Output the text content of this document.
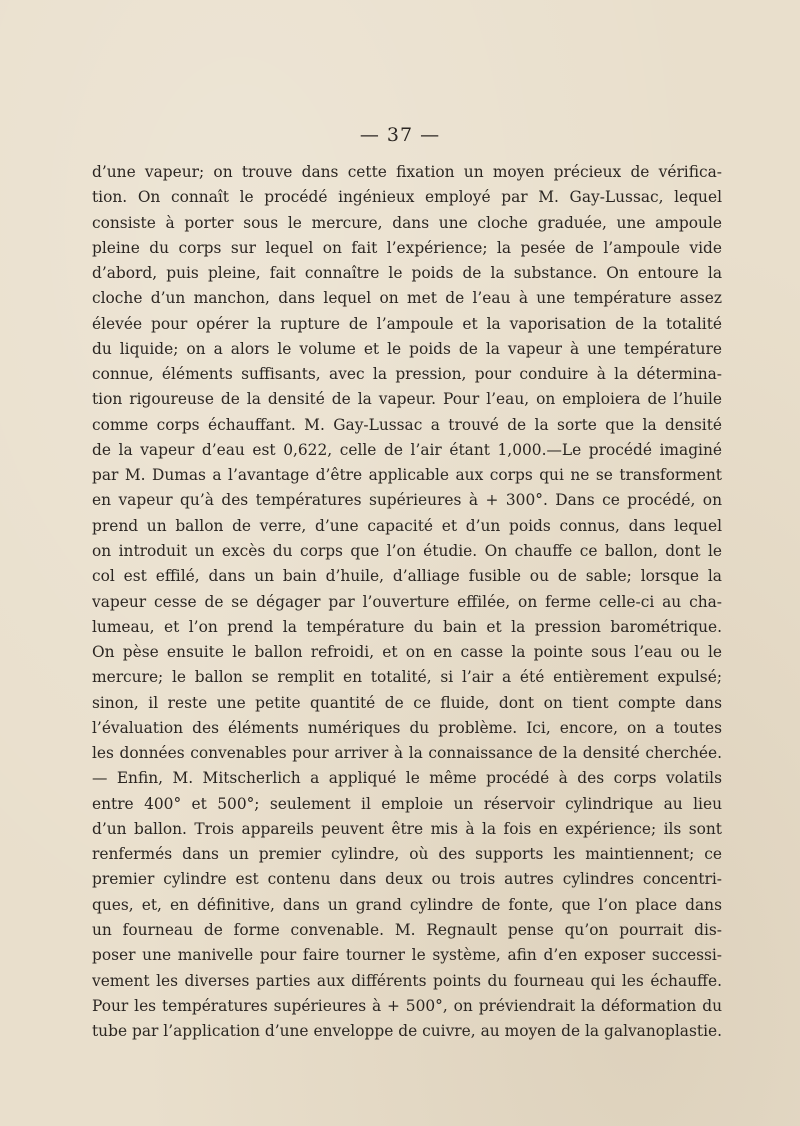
— 37 —
d’une vapeur; on trouve dans cette fixation un moyen précieux de vérifica-
tion. On connaît le procédé ingénieux employé par M. Gay-Lussac, lequel
consiste à porter sous le mercure, dans une cloche graduée, une ampoule
pleine du corps sur lequel on fait l’expérience; la pesée de l’ampoule vide
d’abord, puis pleine, fait connaître le poids de la substance. On entoure la
cloche d’un manchon, dans lequel on met de l’eau à une température assez
élevée pour opérer la rupture de l’ampoule et la vaporisation de la totalité
du liquide; on a alors le volume et le poids de la vapeur à une température
connue, éléments suffisants, avec la pression, pour conduire à la détermina-
tion rigoureuse de la densité de la vapeur. Pour l’eau, on emploiera de l’huile
comme corps échauffant. M. Gay-Lussac a trouvé de la sorte que la densité
de la vapeur d’eau est 0,622, celle de l’air étant 1,000.—Le procédé imaginé
par M. Dumas a l’avantage d’être applicable aux corps qui ne se transforment
en vapeur qu’à des températures supérieures à + 300°. Dans ce procédé, on
prend un ballon de verre, d’une capacité et d’un poids connus, dans lequel
on introduit un excès du corps que l’on étudie. On chauffe ce ballon, dont le
col est effilé, dans un bain d’huile, d’alliage fusible ou de sable; lorsque la
vapeur cesse de se dégager par l’ouverture effilée, on ferme celle-ci au cha-
lumeau, et l’on prend la température du bain et la pression barométrique.
On pèse ensuite le ballon refroidi, et on en casse la pointe sous l’eau ou le
mercure; le ballon se remplit en totalité, si l’air a été entièrement expulsé;
sinon, il reste une petite quantité de ce fluide, dont on tient compte dans
l’évaluation des éléments numériques du problème. Ici, encore, on a toutes
les données convenables pour arriver à la connaissance de la densité cherchée.
— Enfin, M. Mitscherlich a appliqué le même procédé à des corps volatils
entre 400° et 500°; seulement il emploie un réservoir cylindrique au lieu
d’un ballon. Trois appareils peuvent être mis à la fois en expérience; ils sont
renfermés dans un premier cylindre, où des supports les maintiennent; ce
premier cylindre est contenu dans deux ou trois autres cylindres concentri-
ques, et, en définitive, dans un grand cylindre de fonte, que l’on place dans
un fourneau de forme convenable. M. Regnault pense qu’on pourrait dis-
poser une manivelle pour faire tourner le système, afin d’en exposer successi-
vement les diverses parties aux différents points du fourneau qui les échauffe.
Pour les températures supérieures à + 500°, on préviendrait la déformation du
tube par l’application d’une enveloppe de cuivre, au moyen de la galvanoplastie.
